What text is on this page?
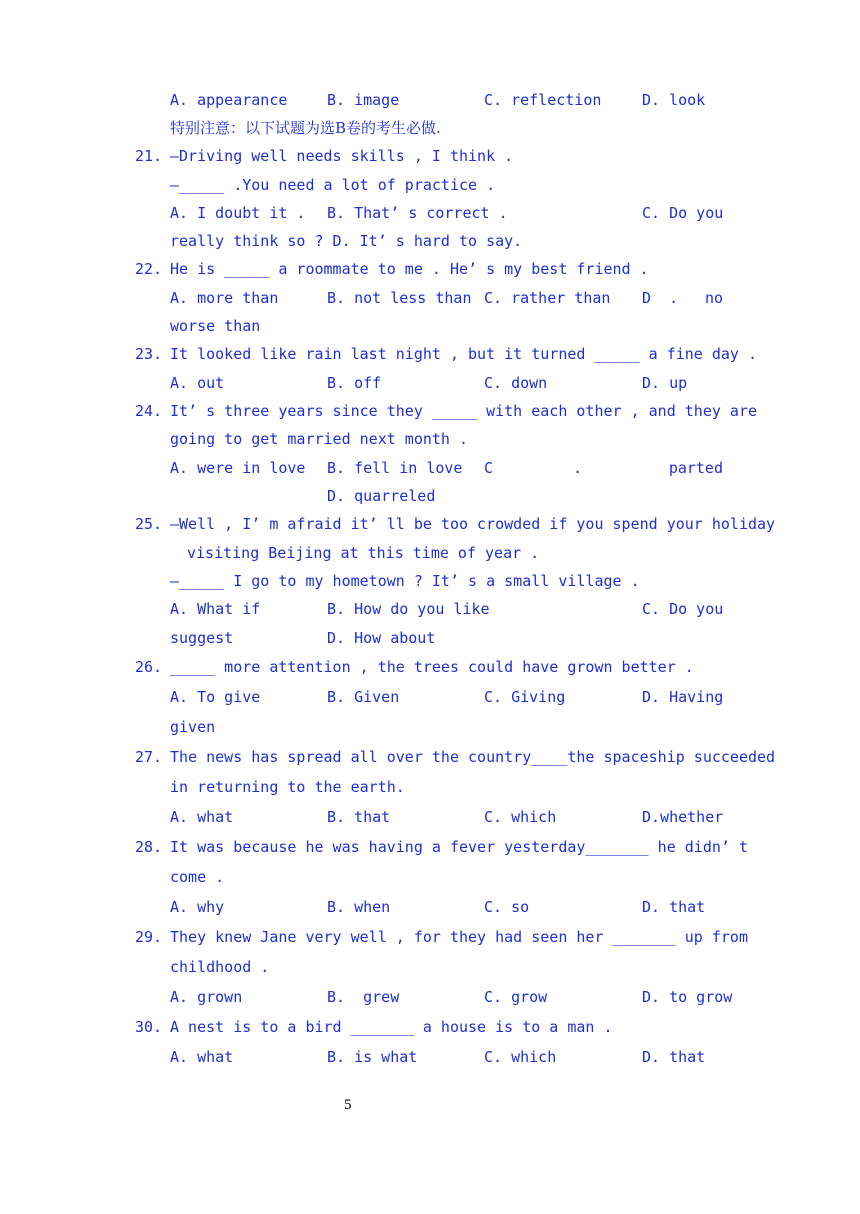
A. appearance	B. image	C. reflection	D. look
特别注意：以下试题为选B卷的考生必做.
21. —Driving well needs skills , I think .
—_____ .You need a lot of practice .
A. I doubt it . B. That’ s correct .	C. Do you
really think so ? D. It’ s hard to say.
22. He is _____ a roommate to me . He’ s my best friend .
A. more than	B. not less than C. rather than D  . no
worse than
23. It looked like rain last night , but it turned _____ a fine day .
A. out	B. off	C. down	D. up
24. It’ s three years since they _____ with each other , and they are
going to get married next month .
A. were in love B. fell in love C	.	parted
D. quarreled
25. —Well , I’ m afraid it’ ll be too crowded if you spend your holiday
visiting Beijing at this time of year .
—_____ I go to my hometown ? It’ s a small village .
A. What if	B. How do you like	C. Do you
suggest	D. How about
26. _____ more attention , the trees could have grown better .
A. To give	B. Given	C. Giving	D. Having
given
27. The news has spread all over the country____the spaceship succeeded
in returning to the earth.
A. what	B. that	C. which	D.whether
28. It was because he was having a fever yesterday_______ he didn’ t
come .
A. why	B. when	C. so	D. that
29. They knew Jane very well , for they had seen her _______ up from
childhood .
A. grown	B.  grew	C. grow	D. to grow
30. A nest is to a bird _______ a house is to a man .
A. what	B. is what	C. which	D. that
5
